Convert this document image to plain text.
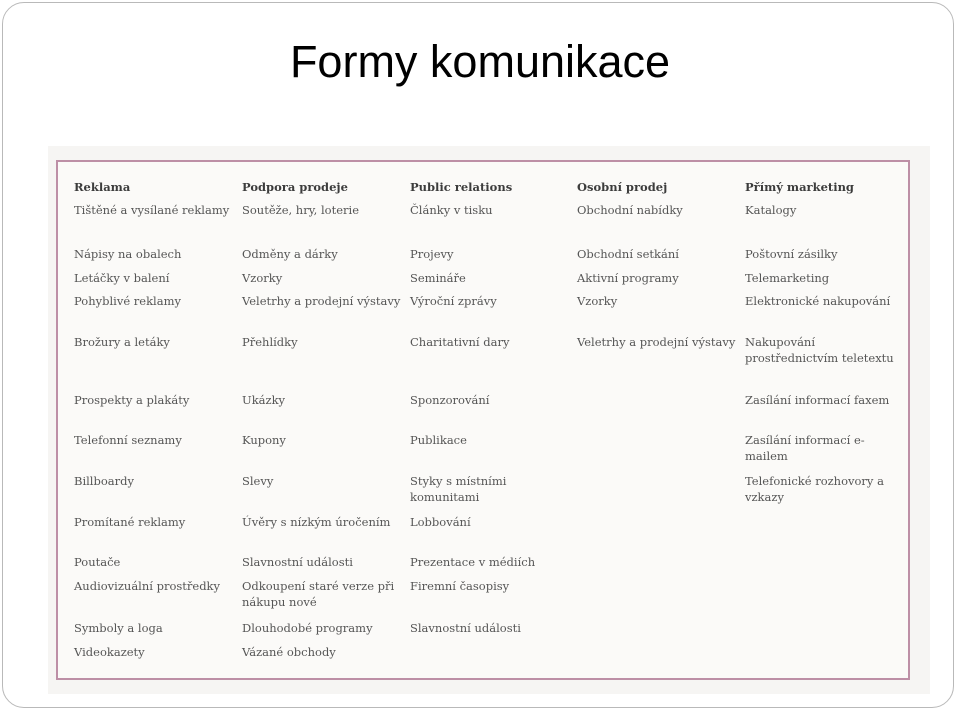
Formy komunikace
Reklama
Tištěné a vysílané reklamy
Nápisy na obalech
Letáčky v balení
Pohyblivé reklamy
Brožury a letáky
Prospekty a plakáty
Telefonní seznamy
Billboardy
Promítané reklamy
Poutače
Audiovizuální prostředky
Symboly a loga
Videokazety
Podpora prodeje
Soutěže, hry, loterie
Odměny a dárky
Vzorky
Veletrhy a prodejní výstavy
Přehlídky
Ukázky
Kupony
Slevy
Úvěry s nízkým úročením
Slavnostní události
Odkoupení staré verze při nákupu nové
Dlouhodobé programy
Vázané obchody
Public relations
Články v tisku
Projevy
Semináře
Výroční zprávy
Charitativní dary
Sponzorování
Publikace
Styky s místními komunitami
Lobbování
Prezentace v médiích
Firemní časopisy
Slavnostní události
Osobní prodej
Obchodní nabídky
Obchodní setkání
Aktivní programy
Vzorky
Veletrhy a prodejní výstavy
Přímý marketing
Katalogy
Poštovní zásilky
Telemarketing
Elektronické nakupování
Nakupování prostřednictvím teletextu
Zasílání informací faxem
Zasílání informací e-mailem
Telefonické rozhovory a vzkazy
